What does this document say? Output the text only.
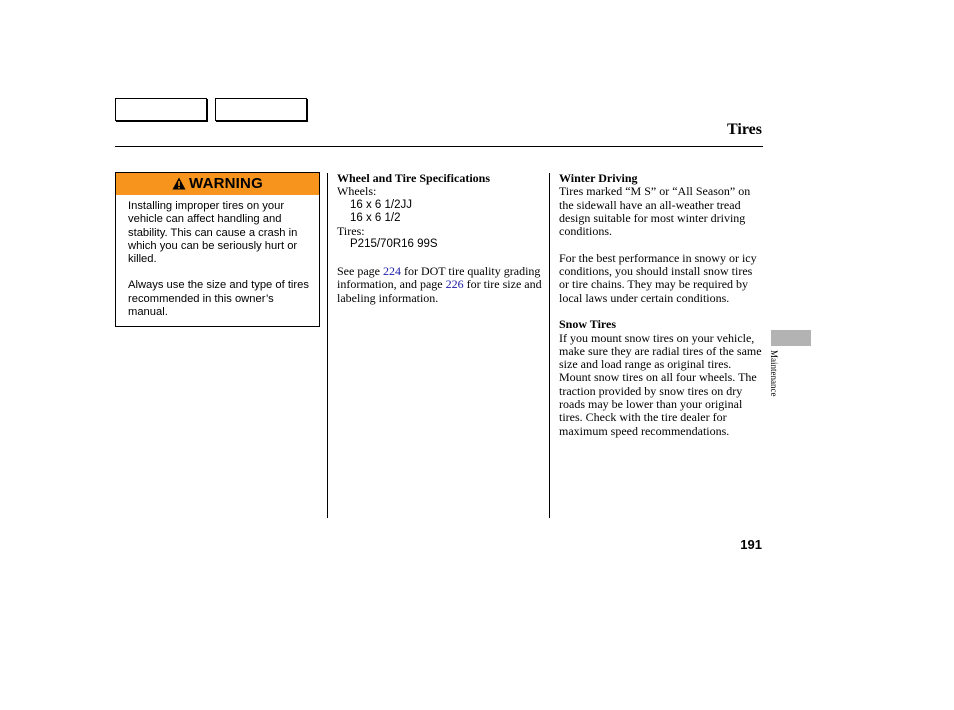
Tires
WARNING

Installing improper tires on your vehicle can affect handling and stability. This can cause a crash in which you can be seriously hurt or killed.

Always use the size and type of tires recommended in this owner’s manual.

Wheel and Tire Specifications

Wheels:

16 x 6 1/2JJ

16 x 6 1/2

Tires:

P215/70R16 99S

See page 224 for DOT tire quality grading information, and page 226 for tire size and labeling information.

Winter Driving

Tires marked “M S” or “All Season” on the sidewall have an all-weather tread design suitable for most winter driving conditions.

For the best performance in snowy or icy conditions, you should install snow tires or tire chains. They may be required by local laws under certain conditions.

Snow Tires

If you mount snow tires on your vehicle, make sure they are radial tires of the same size and load range as original tires. Mount snow tires on all four wheels. The traction provided by snow tires on dry roads may be lower than your original tires. Check with the tire dealer for maximum speed recommendations.

Maintenance
191
